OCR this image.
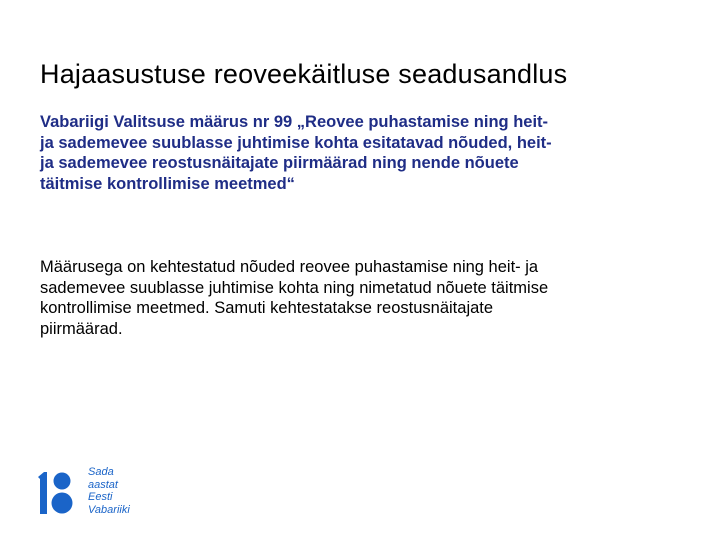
Hajaasustuse reoveekäitluse seadusandlus

Vabariigi Valitsuse määrus nr 99 „Reovee puhastamise ning heit-
ja sademevee suublasse juhtimise kohta esitatavad nõuded, heit-
ja sademevee reostusnäitajate piirmäärad ning nende nõuete
täitmise kontrollimise meetmed“

Määrusega on kehtestatud nõuded reovee puhastamise ning heit- ja
sademevee suublasse juhtimise kohta ning nimetatud nõuete täitmise
kontrollimise meetmed. Samuti kehtestatakse reostusnäitajate
piirmäärad.

Sada
aastat
Eesti
Vabariiki
